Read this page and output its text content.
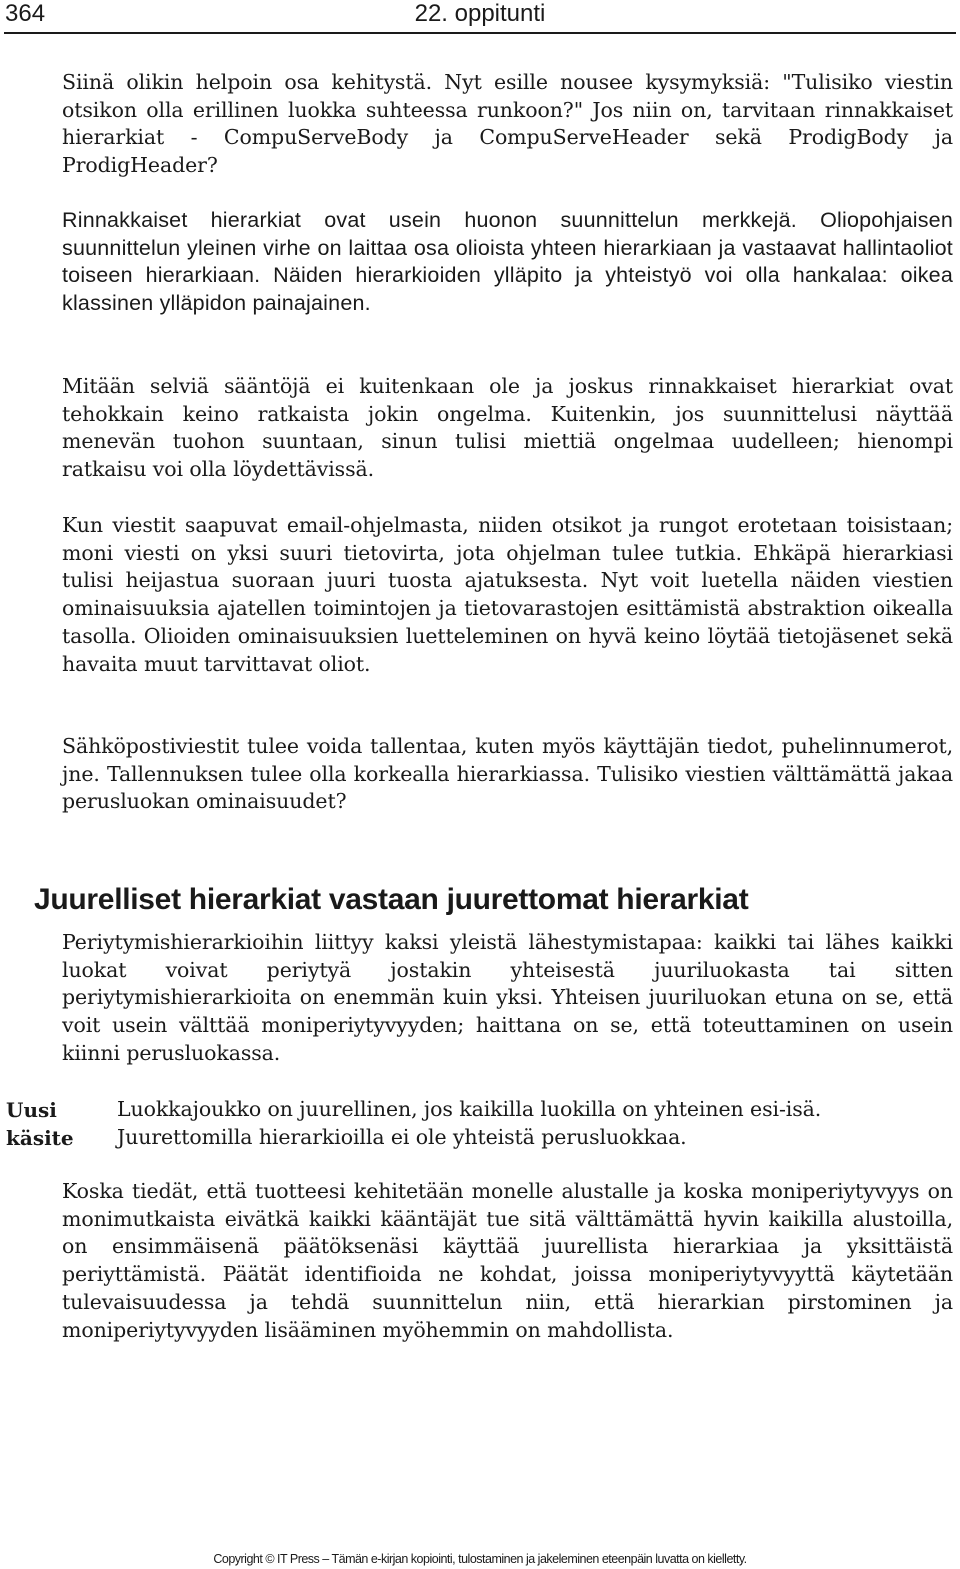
364	22. oppitunti

Siinä olikin helpoin osa kehitystä. Nyt esille nousee kysymyksiä: "Tulisiko viestin otsikon olla erillinen luokka suhteessa runkoon?" Jos niin on, tarvitaan rinnakkaiset hierarkiat - CompuServeBody ja CompuServeHeader sekä ProdigBody ja ProdigHeader?

Rinnakkaiset hierarkiat ovat usein huonon suunnittelun merkkejä. Oliopohjaisen suunnittelun yleinen virhe on laittaa osa olioista yhteen hierarkiaan ja vastaavat hallintaoliot toiseen hierarkiaan. Näiden hierarkioiden ylläpito ja yhteistyö voi olla hankalaa: oikea klassinen ylläpidon painajainen.

Mitään selviä sääntöjä ei kuitenkaan ole ja joskus rinnakkaiset hierarkiat ovat tehokkain keino ratkaista jokin ongelma. Kuitenkin, jos suunnittelusi näyttää menevän tuohon suuntaan, sinun tulisi miettiä ongelmaa uudelleen; hienompi ratkaisu voi olla löydettävissä.

Kun viestit saapuvat email-ohjelmasta, niiden otsikot ja rungot erotetaan toisistaan; moni viesti on yksi suuri tietovirta, jota ohjelman tulee tutkia. Ehkäpä hierarkiasi tulisi heijastua suoraan juuri tuosta ajatuksesta. Nyt voit luetella näiden viestien ominaisuuksia ajatellen toimintojen ja tietovarastojen esittämistä abstraktion oikealla tasolla. Olioiden ominaisuuksien luetteleminen on hyvä keino löytää tietojäsenet sekä havaita muut tarvittavat oliot.

Sähköpostiviestit tulee voida tallentaa, kuten myös käyttäjän tiedot, puhelinnumerot, jne. Tallennuksen tulee olla korkealla hierarkiassa. Tulisiko viestien välttämättä jakaa perusluokan ominaisuudet?

Juurelliset hierarkiat vastaan juurettomat hierarkiat

Periytymishierarkioihin liittyy kaksi yleistä lähestymistapaa: kaikki tai lähes kaikki luokat voivat periytyä jostakin yhteisestä juuriluokasta tai sitten periytymishierarkioita on enemmän kuin yksi. Yhteisen juuriluokan etuna on se, että voit usein välttää moniperiytyvyyden; haittana on se, että toteuttaminen on usein kiinni perusluokassa.

Uusi
käsite

Luokkajoukko on juurellinen, jos kaikilla luokilla on yhteinen esi-isä. Juurettomilla hierarkioilla ei ole yhteistä perusluokkaa.

Koska tiedät, että tuotteesi kehitetään monelle alustalle ja koska moniperiytyvyys on monimutkaista eivätkä kaikki kääntäjät tue sitä välttämättä hyvin kaikilla alustoilla, on ensimmäisenä päätöksenäsi käyttää juurellista hierarkiaa ja yksittäistä periyttämistä. Päätät identifioida ne kohdat, joissa moniperiytyvyyttä käytetään tulevaisuudessa ja tehdä suunnittelun niin, että hierarkian pirstominen ja moniperiytyvyyden lisääminen myöhemmin on mahdollista.

Copyright © IT Press – Tämän e-kirjan kopiointi, tulostaminen ja jakeleminen eteenpäin luvatta on kielletty.
